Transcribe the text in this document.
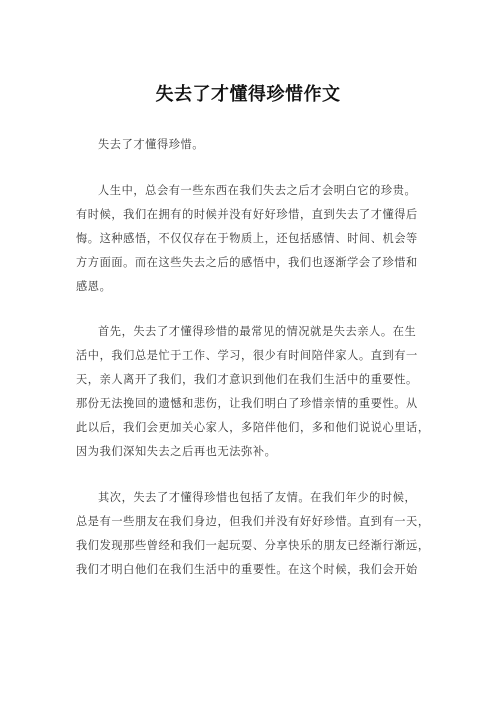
失去了才懂得珍惜作文
失去了才懂得珍惜。
人生中，总会有一些东西在我们失去之后才会明白它的珍贵。
有时候，我们在拥有的时候并没有好好珍惜，直到失去了才懂得后
悔。这种感悟，不仅仅存在于物质上，还包括感情、时间、机会等
方方面面。而在这些失去之后的感悟中，我们也逐渐学会了珍惜和
感恩。
首先，失去了才懂得珍惜的最常见的情况就是失去亲人。在生
活中，我们总是忙于工作、学习，很少有时间陪伴家人。直到有一
天，亲人离开了我们，我们才意识到他们在我们生活中的重要性。
那份无法挽回的遗憾和悲伤，让我们明白了珍惜亲情的重要性。从
此以后，我们会更加关心家人，多陪伴他们，多和他们说说心里话，
因为我们深知失去之后再也无法弥补。
其次，失去了才懂得珍惜也包括了友情。在我们年少的时候，
总是有一些朋友在我们身边，但我们并没有好好珍惜。直到有一天，
我们发现那些曾经和我们一起玩耍、分享快乐的朋友已经渐行渐远，
我们才明白他们在我们生活中的重要性。在这个时候，我们会开始
